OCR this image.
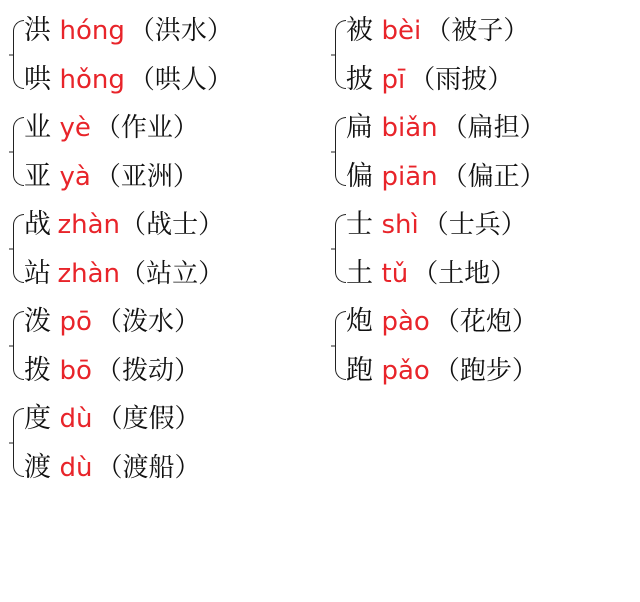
洪 hóng （ 洪水 ）
哄 hǒng （ 哄人 ）
业 yè （ 作业 ）
亚 yà （ 亚洲 ）
战 zhàn （ 战士 ）
站 zhàn （ 站立 ）
泼 pō （ 泼水 ）
拨 bō （ 拨动 ）
度 dù （ 度假 ）
渡 dù （ 渡船 ）
被 bèi （ 被子 ）
披 pī （ 雨披 ）
扁 biǎn （ 扁担 ）
偏 piān （ 偏正 ）
士 shì （ 士兵 ）
土 tǔ （ 土地 ）
炮 pào （ 花炮 ）
跑 pǎo （ 跑步 ）
